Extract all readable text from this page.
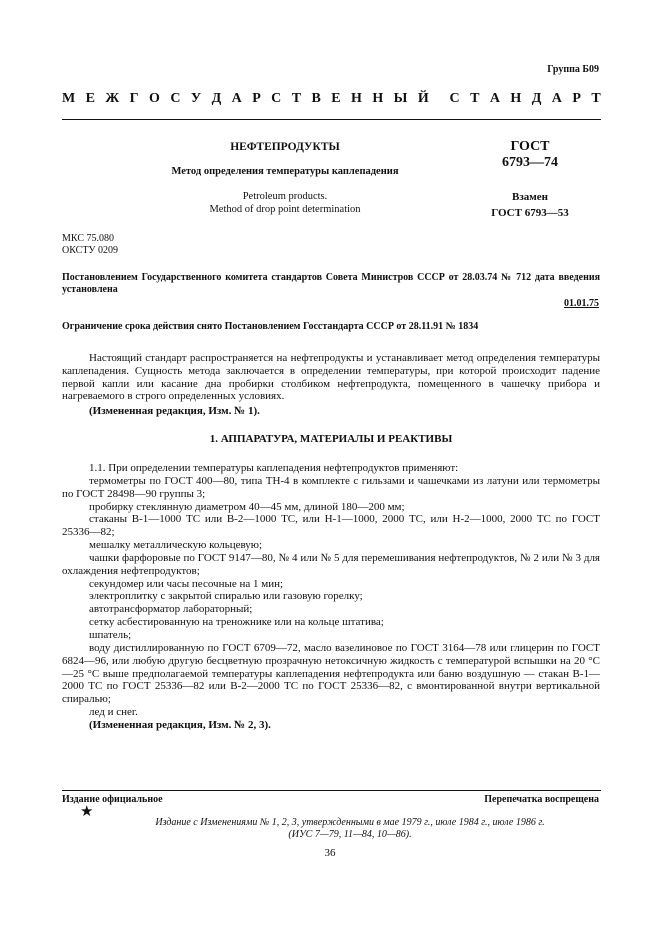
Группа Б09
М Е Ж Г О С У Д А Р С Т В Е Н Н Ы Й С Т А Н Д А Р Т
НЕФТЕПРОДУКТЫ
Метод определения температуры каплепадения
Petroleum products.
Method of drop point determination
ГОСТ
6793—74
Взамен
ГОСТ 6793—53
МКС 75.080
ОКСТУ 0209
Постановлением Государственного комитета стандартов Совета Министров СССР от 28.03.74 № 712 дата введения установлена
01.01.75
Ограничение срока действия снято Постановлением Госстандарта СССР от 28.11.91 № 1834
Настоящий стандарт распространяется на нефтепродукты и устанавливает метод определения температуры каплепадения. Сущность метода заключается в определении температуры, при которой происходит падение первой капли или касание дна пробирки столбиком нефтепродукта, помещенного в чашечку прибора и нагреваемого в строго определенных условиях.
(Измененная редакция, Изм. № 1).
1. АППАРАТУРА, МАТЕРИАЛЫ И РЕАКТИВЫ
1.1. При определении температуры каплепадения нефтепродуктов применяют:
термометры по ГОСТ 400—80, типа ТН-4 в комплекте с гильзами и чашечками из латуни или термометры по ГОСТ 28498—90 группы 3;
пробирку стеклянную диаметром 40—45 мм, длиной 180—200 мм;
стаканы В-1—1000 ТС или В-2—1000 ТС, или Н-1—1000, 2000 ТС, или Н-2—1000, 2000 ТС по ГОСТ 25336—82;
мешалку металлическую кольцевую;
чашки фарфоровые по ГОСТ 9147—80, № 4 или № 5 для перемешивания нефтепродуктов, № 2 или № 3 для охлаждения нефтепродуктов;
секундомер или часы песочные на 1 мин;
электроплитку с закрытой спиралью или газовую горелку;
автотрансформатор лабораторный;
сетку асбестированную на треножнике или на кольце штатива;
шпатель;
воду дистиллированную по ГОСТ 6709—72, масло вазелиновое по ГОСТ 3164—78 или глицерин по ГОСТ 6824—96, или любую другую бесцветную прозрачную нетоксичную жидкость с температурой вспышки на 20 °С—25 °С выше предполагаемой температуры каплепадения нефтепродукта или баню воздушную — стакан В-1—2000 ТС по ГОСТ 25336—82 или В-2—2000 ТС по ГОСТ 25336—82, с вмонтированной внутри вертикальной спиралью;
лед и снег.
(Измененная редакция, Изм. № 2, 3).
Издание официальное	Перепечатка воспрещена
★
Издание с Изменениями № 1, 2, 3, утвержденными в мае 1979 г., июле 1984 г., июле 1986 г.
(ИУС 7—79, 11—84, 10—86).
36
